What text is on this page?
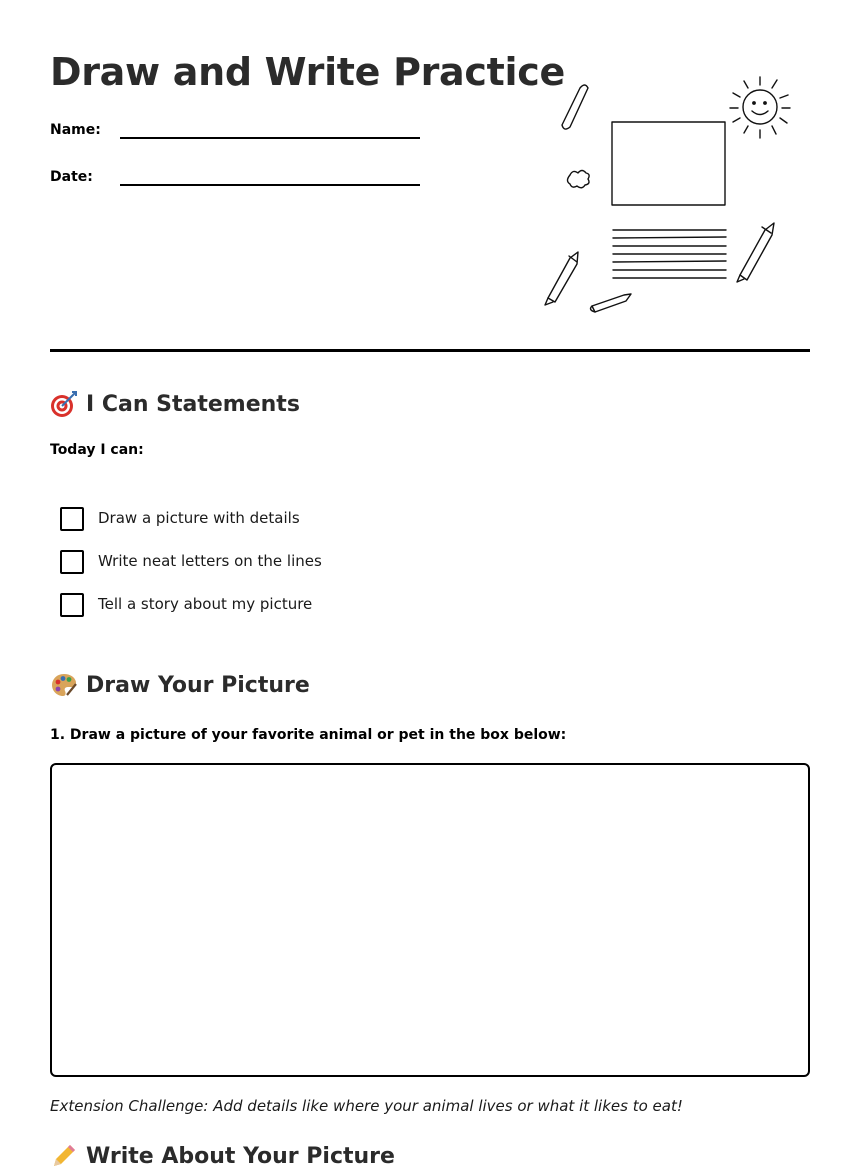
Draw and Write Practice
Name:
Date:
I Can Statements
Today I can:
Draw a picture with details
Write neat letters on the lines
Tell a story about my picture
Draw Your Picture
1. Draw a picture of your favorite animal or pet in the box below:
Extension Challenge: Add details like where your animal lives or what it likes to eat!
Write About Your Picture
